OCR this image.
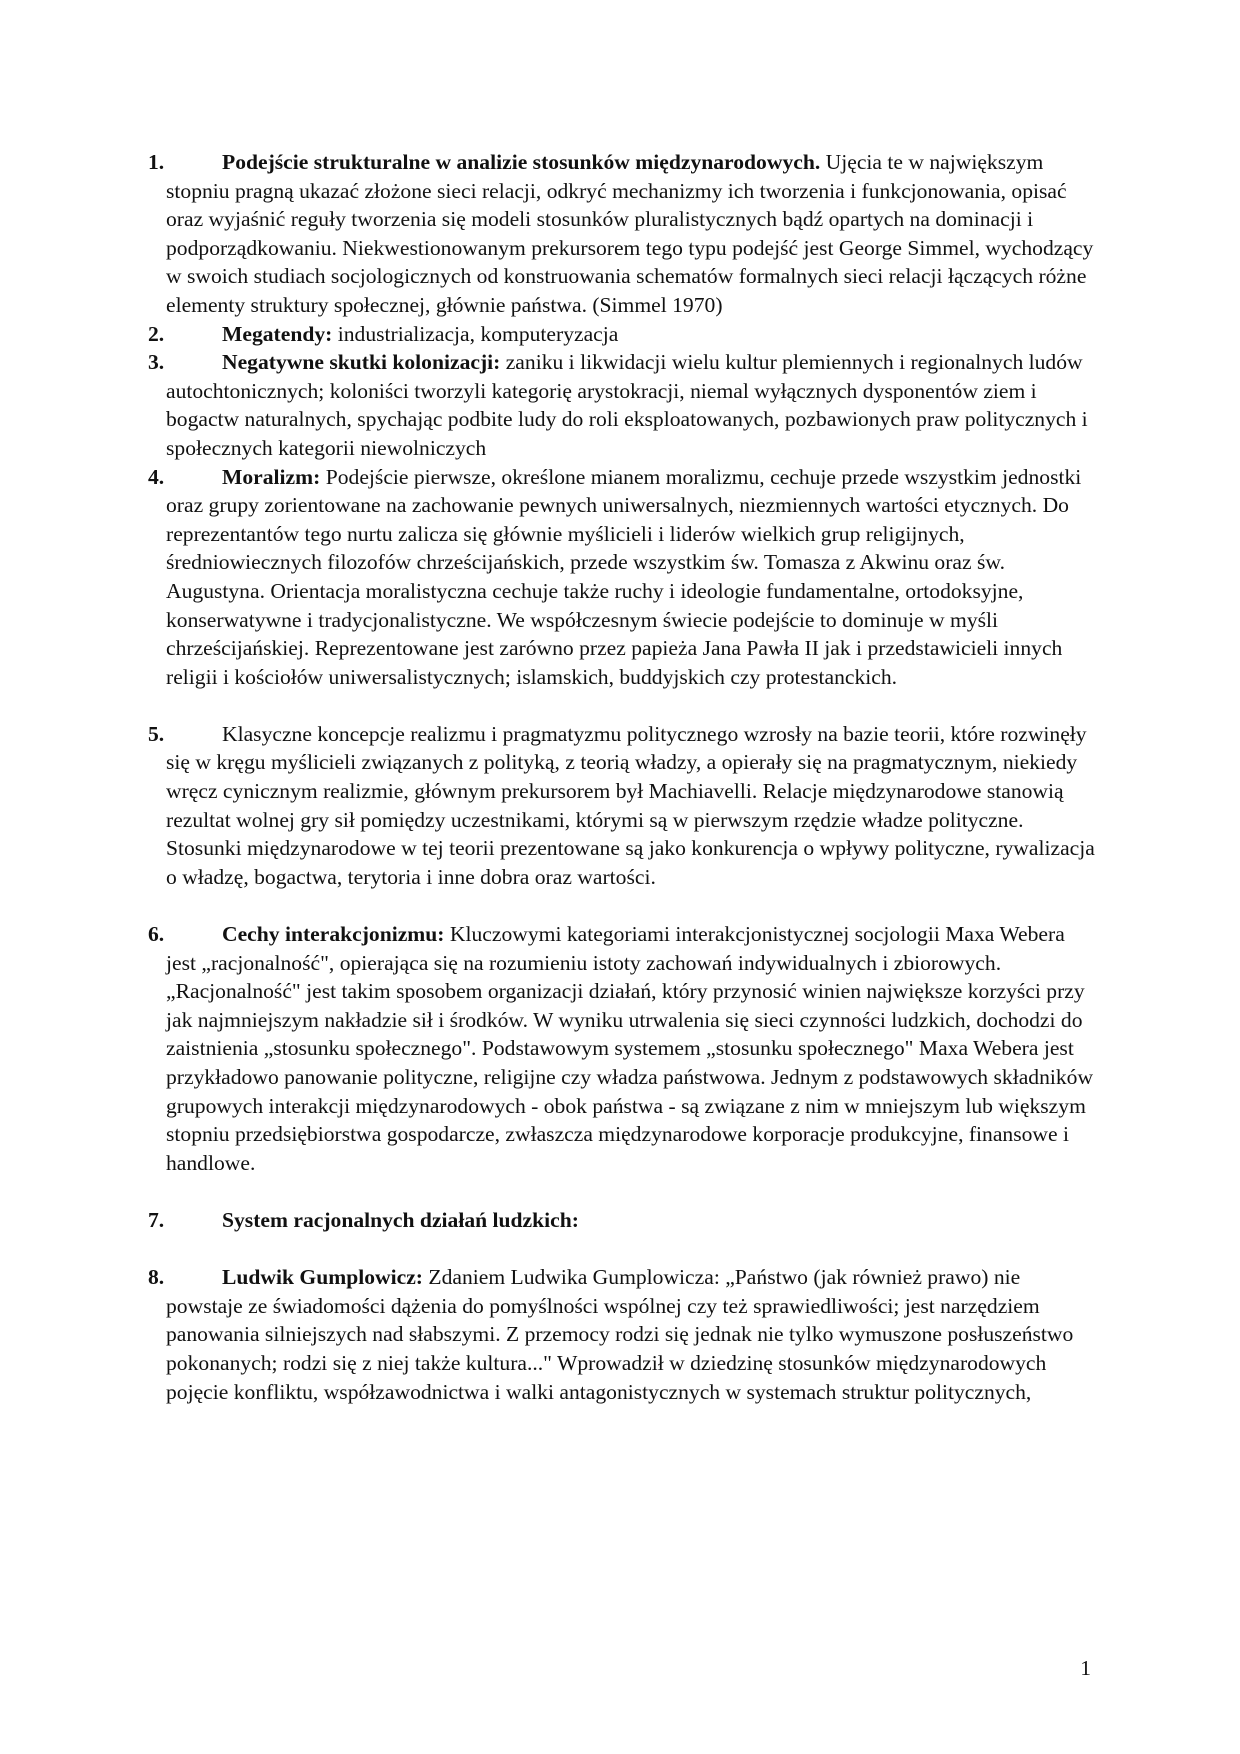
1.	Podejście strukturalne w analizie stosunków międzynarodowych. Ujęcia te w największym stopniu pragną ukazać złożone sieci relacji, odkryć mechanizmy ich tworzenia i funkcjonowania, opisać oraz wyjaśnić reguły tworzenia się modeli stosunków pluralistycznych bądź opartych na dominacji i podporządkowaniu. Niekwestionowanym prekursorem tego typu podejść jest George Simmel, wychodzący w swoich studiach socjologicznych od konstruowania schematów formalnych sieci relacji łączących różne elementy struktury społecznej, głównie państwa. (Simmel 1970)
2.	Megatendy: industrializacja, komputeryzacja
3.	Negatywne skutki kolonizacji: zaniku i likwidacji wielu kultur plemiennych i regionalnych ludów autochtonicznych; koloniści tworzyli kategorię arystokracji, niemal wyłącznych dysponentów ziem i bogactw naturalnych, spychając podbite ludy do roli eksploatowanych, pozbawionych praw politycznych i społecznych kategorii niewolniczych
4.	Moralizm: Podejście pierwsze, określone mianem moralizmu, cechuje przede wszystkim jednostki oraz grupy zorientowane na zachowanie pewnych uniwersalnych, niezmiennych wartości etycznych. Do reprezentantów tego nurtu zalicza się głównie myślicieli i liderów wielkich grup religijnych, średniowiecznych filozofów chrześcijańskich, przede wszystkim św. Tomasza z Akwinu oraz św. Augustyna. Orientacja moralistyczna cechuje także ruchy i ideologie fundamentalne, ortodoksyjne, konserwatywne i tradycjonalistyczne. We współczesnym świecie podejście to dominuje w myśli chrześcijańskiej. Reprezentowane jest zarówno przez papieża Jana Pawła II jak i przedstawicieli innych religii i kościołów uniwersalistycznych; islamskich, buddyjskich czy protestanckich.
5.	Klasyczne koncepcje realizmu i pragmatyzmu politycznego wzrosły na bazie teorii, które rozwinęły się w kręgu myślicieli związanych z polityką, z teorią władzy, a opierały się na pragmatycznym, niekiedy wręcz cynicznym realizmie, głównym prekursorem był Machiavelli. Relacje międzynarodowe stanowią rezultat wolnej gry sił pomiędzy uczestnikami, którymi są w pierwszym rzędzie władze polityczne. Stosunki międzynarodowe w tej teorii prezentowane są jako konkurencja o wpływy polityczne, rywalizacja o władzę, bogactwa, terytoria i inne dobra oraz wartości.
6.	Cechy interakcjonizmu: Kluczowymi kategoriami interakcjonistycznej socjologii Maxa Webera jest „racjonalność", opierająca się na rozumieniu istoty zachowań indywidualnych i zbiorowych. „Racjonalność" jest takim sposobem organizacji działań, który przynosić winien największe korzyści przy jak najmniejszym nakładzie sił i środków. W wyniku utrwalenia się sieci czynności ludzkich, dochodzi do zaistnienia „stosunku społecznego". Podstawowym systemem „stosunku społecznego" Maxa Webera jest przykładowo panowanie polityczne, religijne czy władza państwowa. Jednym z podstawowych składników grupowych interakcji międzynarodowych - obok państwa - są związane z nim w mniejszym lub większym stopniu przedsiębiorstwa gospodarcze, zwłaszcza międzynarodowe korporacje produkcyjne, finansowe i handlowe.
7.	System racjonalnych działań ludzkich:
8.	Ludwik Gumplowicz: Zdaniem Ludwika Gumplowicza: „Państwo (jak również prawo) nie powstaje ze świadomości dążenia do pomyślności wspólnej czy też sprawiedliwości; jest narzędziem panowania silniejszych nad słabszymi. Z przemocy rodzi się jednak nie tylko wymuszone posłuszeństwo pokonanych; rodzi się z niej także kultura..." Wprowadził w dziedzinę stosunków międzynarodowych pojęcie konfliktu, współzawodnictwa i walki antagonistycznych w systemach struktur politycznych,
1
